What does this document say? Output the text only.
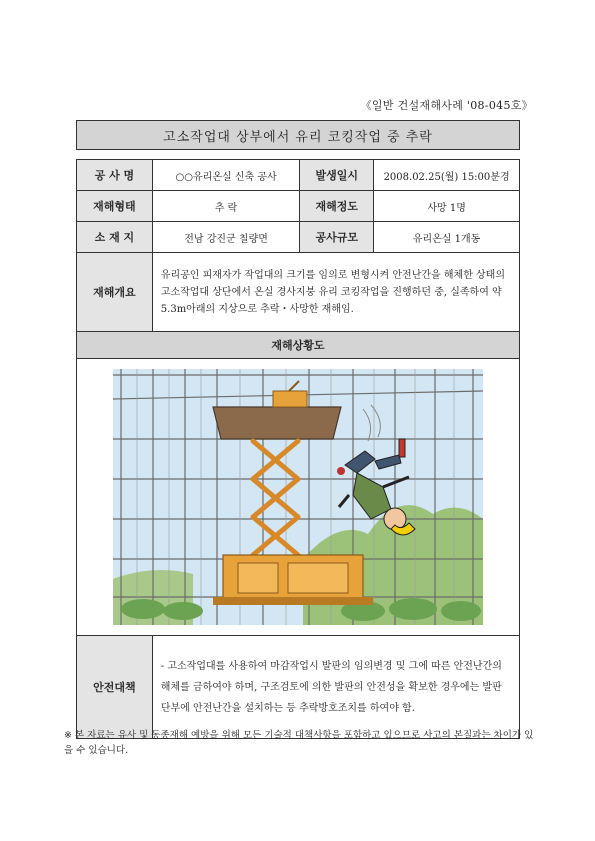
《일반 건설재해사례 '08-045호》
고소작업대 상부에서 유리 코킹작업 중 추락
공 사 명	○○유리온실 신축 공사	발생일시	2008.02.25(월) 15:00분경
재해형태	추 락	재해정도	사망 1명
소 재 지	전남 강진군 칠량면	공사규모	유리온실 1개동
재해개요	유리공인 피재자가 작업대의 크기를 임의로 변형시켜 안전난간을 해체한 상태의 고소작업대 상단에서 온실 경사지붕 유리 코킹작업을 진행하던 중, 실족하여 약 5.3m아래의 지상으로 추락・사망한 재해임.		
재해상황도			

안전대책	- 고소작업대를 사용하여 마감작업시 발판의 임의변경 및 그에 따른 안전난간의 해체를 금하여야 하며, 구조검토에 의한 발판의 안전성을 확보한 경우에는 발판단부에 안전난간을 설치하는 등 추락방호조치를 하여야 함.		
※ 본 자료는 유사 및 동종재해 예방을 위해 모든 기술적 대책사항을 포함하고 있으므로 사고의 본질과는 차이가 있을 수 있습니다.
